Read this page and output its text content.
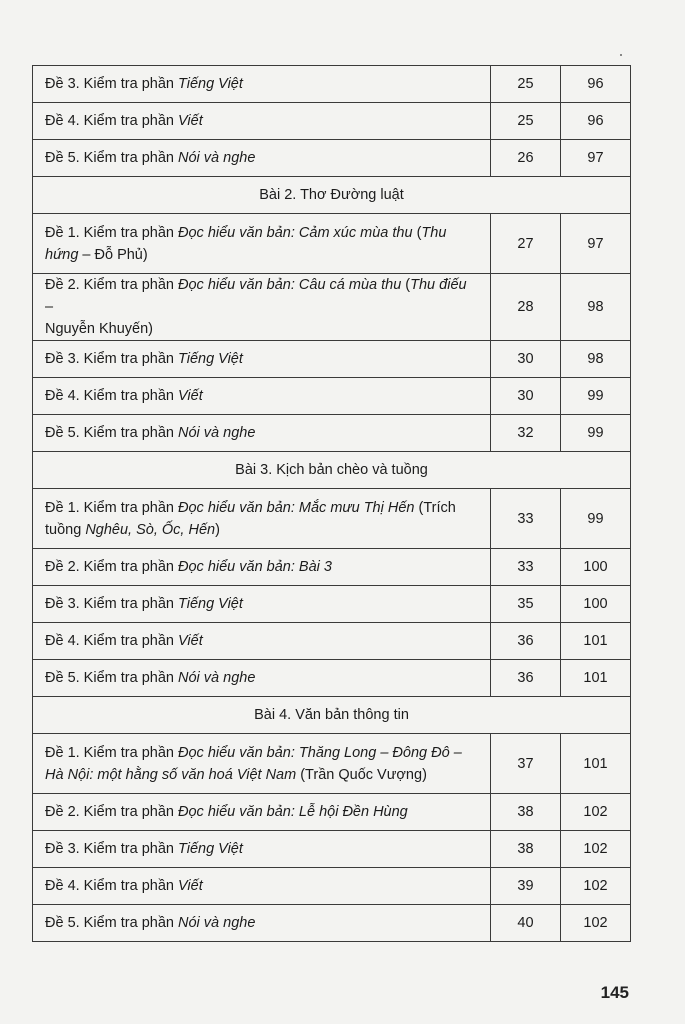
Đề 3. Kiểm tra phần Tiếng Việt	25	96
Đề 4. Kiểm tra phần Viết	25	96
Đề 5. Kiểm tra phần Nói và nghe	26	97
Bài 2. Thơ Đường luật		

Đề 1. Kiểm tra phần Đọc hiểu văn bản: Cảm xúc mùa thu (Thu
hứng – Đỗ Phủ)	27	97

Đề 2. Kiểm tra phần Đọc hiểu văn bản: Câu cá mùa thu (Thu điếu –
Nguyễn Khuyến)	28	98
Đề 3. Kiểm tra phần Tiếng Việt	30	98
Đề 4. Kiểm tra phần Viết	30	99
Đề 5. Kiểm tra phần Nói và nghe	32	99
Bài 3. Kịch bản chèo và tuồng		

Đề 1. Kiểm tra phần Đọc hiểu văn bản: Mắc mưu Thị Hến (Trích
tuồng Nghêu, Sò, Ốc, Hến)	33	99
Đề 2. Kiểm tra phần Đọc hiểu văn bản: Bài 3	33	100
Đề 3. Kiểm tra phần Tiếng Việt	35	100
Đề 4. Kiểm tra phần Viết	36	101
Đề 5. Kiểm tra phần Nói và nghe	36	101
Bài 4. Văn bản thông tin		

Đề 1. Kiểm tra phần Đọc hiểu văn bản: Thăng Long – Đông Đô –
Hà Nội: một hằng số văn hoá Việt Nam (Trần Quốc Vượng)	37	101
Đề 2. Kiểm tra phần Đọc hiểu văn bản: Lễ hội Đền Hùng	38	102
Đề 3. Kiểm tra phần Tiếng Việt	38	102
Đề 4. Kiểm tra phần Viết	39	102
Đề 5. Kiểm tra phần Nói và nghe	40	102
145
